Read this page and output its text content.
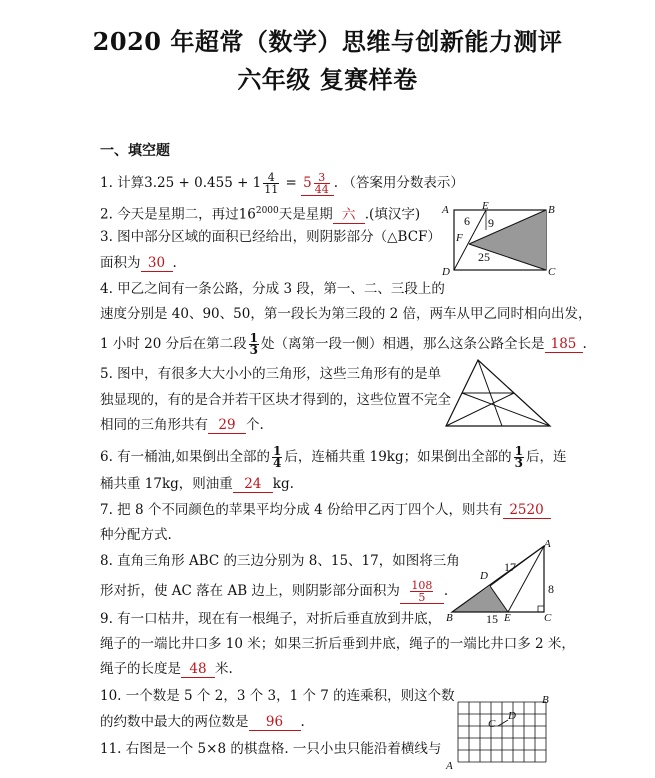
2020 年超常（数学）思维与创新能力测评
六年级 复赛样卷
一、填空题
1. 计算$3.25 + 0.455 + 1 \frac{4}{11} = 5 \frac{3}{44}$ . （答案用分数表示）
2. 今天是星期二，再过$16^{2000}$天是星期 六 .(填汉字)
3. 图中部分区域的面积已经给出，则阴影部分（△BCF）
面积为 30 .
A	E	B
F
D	C
6 9
25
4. 甲乙之间有一条公路，分成 3 段，第一、二、三段上的
速度分别是 40、90、50，第一段长为第三段的 2 倍，两车从甲乙同时相向出发，
1 小时 20 分后在第二段 $\frac{1}{3}$ 处（离第一段一侧）相遇，那么这条公路全长是 185 .
5. 图中，有很多大大小小的三角形，这些三角形有的是单
独显现的，有的是合并若干区块才得到的，这些位置不完全
相同的三角形共有 29 个.
6. 有一桶油,如果倒出全部的 $\frac{1}{4}$ 后，连桶共重 19kg；如果倒出全部的 $\frac{1}{3}$ 后，连
桶共重 17kg，则油重 24 kg.
7. 把 8 个不同颜色的苹果平均分成 4 份给甲乙丙丁四个人，则共有 2520
种分配方式.
8. 直角三角形 ABC 的三边分别为 8、15、17，如图将三角
形对折，使 AC 落在 AB 边上，则阴影部分面积为 $\frac{108}{5}$ .
A
D
B	E	C
17
8
15
9. 有一口枯井，现在有一根绳子，对折后垂直放到井底，
绳子的一端比井口多 10 米；如果三折后垂到井底，绳子的一端比井口多 2 米，
绳子的长度是 48 米.
10. 一个数是 5 个 2，3 个 3，1 个 7 的连乘积，则这个数
的约数中最大的两位数是 96 .
11. 右图是一个 5×8 的棋盘格. 一只小虫只能沿着横线与
B
C
D
A
